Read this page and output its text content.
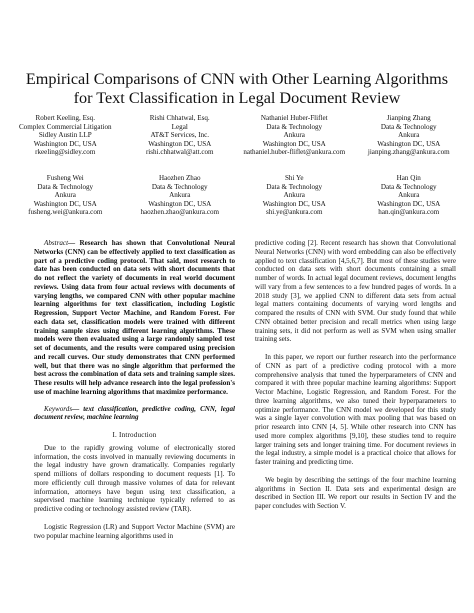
Empirical Comparisons of CNN with Other Learning Algorithms for Text Classification in Legal Document Review
Robert Keeling, Esq.
Complex Commercial Litigation
Sidley Austin LLP
Washington DC, USA
rkeeling@sidley.com
Rishi Chhatwal, Esq.
Legal
AT&T Services, Inc.
Washington DC, USA
rishi.chhatwal@att.com
Nathaniel Huber-Fliflet
Data & Technology
Ankura
Washington DC, USA
nathaniel.huber-fliflet@ankura.com
Jianping Zhang
Data & Technology
Ankura
Washington DC, USA
jianping.zhang@ankura.com
Fusheng Wei
Data & Technology
Ankura
Washington DC, USA
fusheng.wei@ankura.com
Haozhen Zhao
Data & Technology
Ankura
Washington DC, USA
haozhen.zhao@ankura.com
Shi Ye
Data & Technology
Ankura
Washington DC, USA
shi.ye@ankura.com
Han Qin
Data & Technology
Ankura
Washington DC, USA
han.qin@ankura.com

Abstract— Research has shown that Convolutional Neural Networks (CNN) can be effectively applied to text classification as part of a predictive coding protocol. That said, most research to date has been conducted on data sets with short documents that do not reflect the variety of documents in real world document reviews. Using data from four actual reviews with documents of varying lengths, we compared CNN with other popular machine learning algorithms for text classification, including Logistic Regression, Support Vector Machine, and Random Forest. For each data set, classification models were trained with different training sample sizes using different learning algorithms. These models were then evaluated using a large randomly sampled test set of documents, and the results were compared using precision and recall curves. Our study demonstrates that CNN performed well, but that there was no single algorithm that performed the best across the combination of data sets and training sample sizes. These results will help advance research into the legal profession's use of machine learning algorithms that maximize performance.

Keywords— text classification, predictive coding, CNN, legal document review, machine learning

I. Introduction

Due to the rapidly growing volume of electronically stored information, the costs involved in manually reviewing documents in the legal industry have grown dramatically. Companies regularly spend millions of dollars responding to document requests [1]. To more efficiently cull through massive volumes of data for relevant information, attorneys have begun using text classification, a supervised machine learning technique typically referred to as predictive coding or technology assisted review (TAR).

Logistic Regression (LR) and Support Vector Machine (SVM) are two popular machine learning algorithms used in

predictive coding [2]. Recent research has shown that Convolutional Neural Networks (CNN) with word embedding can also be effectively applied to text classification [4,5,6,7]. But most of these studies were conducted on data sets with short documents containing a small number of words. In actual legal document reviews, document lengths will vary from a few sentences to a few hundred pages of words. In a 2018 study [3], we applied CNN to different data sets from actual legal matters containing documents of varying word lengths and compared the results of CNN with SVM. Our study found that while CNN obtained better precision and recall metrics when using large training sets, it did not perform as well as SVM when using smaller training sets.

In this paper, we report our further research into the performance of CNN as part of a predictive coding protocol with a more comprehensive analysis that tuned the hyperparameters of CNN and compared it with three popular machine learning algorithms: Support Vector Machine, Logistic Regression, and Random Forest. For the three learning algorithms, we also tuned their hyperparameters to optimize performance. The CNN model we developed for this study was a single layer convolution with max pooling that was based on prior research into CNN [4, 5]. While other research into CNN has used more complex algorithms [9,10], these studies tend to require larger training sets and longer training time. For document reviews in the legal industry, a simple model is a practical choice that allows for faster training and predicting time.

We begin by describing the settings of the four machine learning algorithms in Section II. Data sets and experimental design are described in Section III. We report our results in Section IV and the paper concludes with Section V.
